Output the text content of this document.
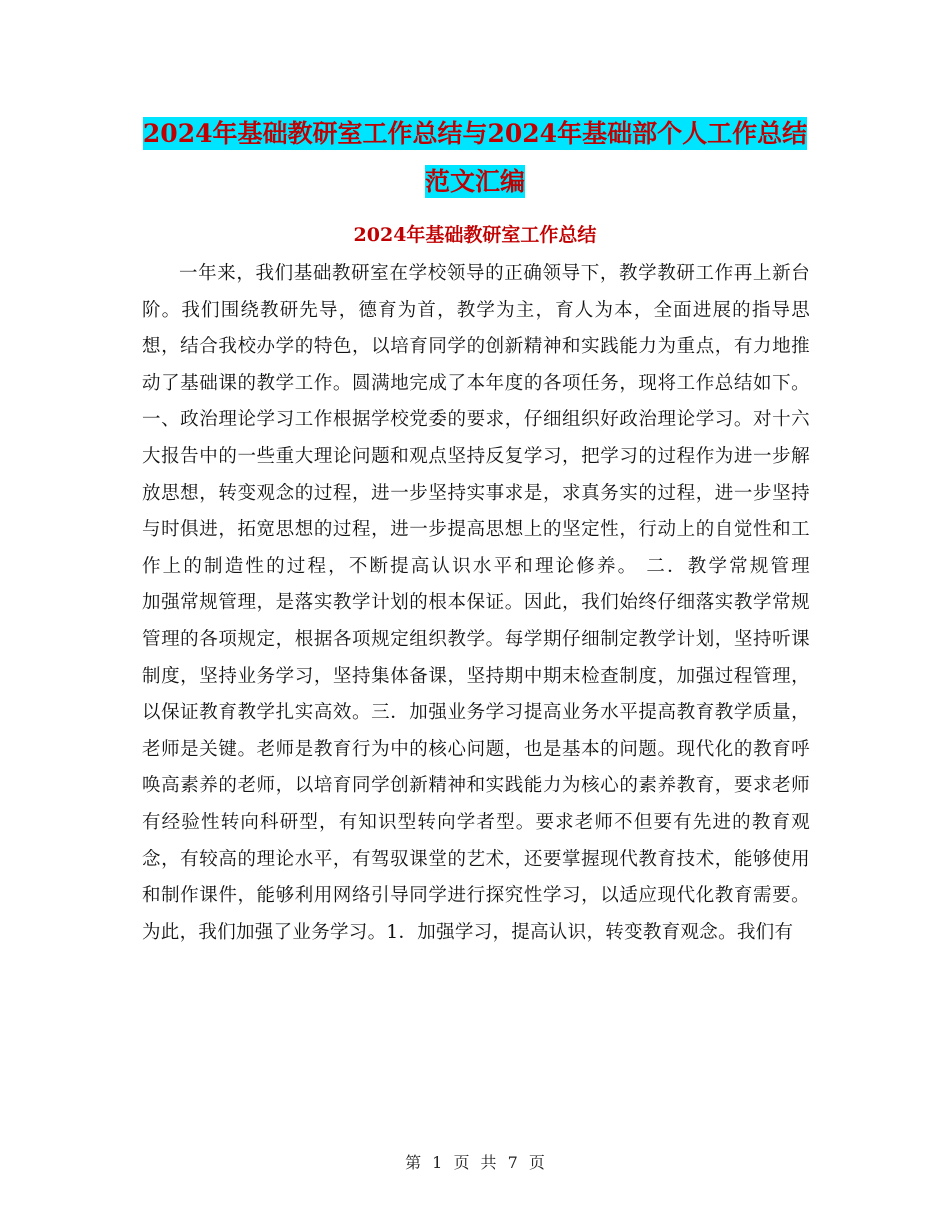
2024年基础教研室工作总结与2024年基础部个人工作总结范文汇编
2024年基础教研室工作总结

一年来，我们基础教研室在学校领导的正确领导下，教学教研工作再上新台阶。我们围绕教研先导，德育为首，教学为主，育人为本，全面进展的指导思想，结合我校办学的特色，以培育同学的创新精神和实践能力为重点，有力地推动了基础课的教学工作。圆满地完成了本年度的各项任务，现将工作总结如下。一、政治理论学习工作根据学校党委的要求，仔细组织好政治理论学习。对十六大报告中的一些重大理论问题和观点坚持反复学习，把学习的过程作为进一步解放思想，转变观念的过程，进一步坚持实事求是，求真务实的过程，进一步坚持与时俱进，拓宽思想的过程，进一步提高思想上的坚定性，行动上的自觉性和工作上的制造性的过程，不断提高认识水平和理论修养。 二．教学常规管理　　 加强常规管理，是落实教学计划的根本保证。因此，我们始终仔细落实教学常规管理的各项规定，根据各项规定组织教学。每学期仔细制定教学计划，坚持听课制度，坚持业务学习，坚持集体备课，坚持期中期末检查制度，加强过程管理，以保证教育教学扎实高效。三．加强业务学习提高业务水平提高教育教学质量，老师是关键。老师是教育行为中的核心问题，也是基本的问题。现代化的教育呼唤高素养的老师，以培育同学创新精神和实践能力为核心的素养教育，要求老师有经验性转向科研型，有知识型转向学者型。要求老师不但要有先进的教育观念，有较高的理论水平，有驾驭课堂的艺术，还要掌握现代教育技术，能够使用和制作课件，能够利用网络引导同学进行探究性学习，以适应现代化教育需要。为此，我们加强了业务学习。1．加强学习，提高认识，转变教育观念。我们有

第 1 页 共 7 页
